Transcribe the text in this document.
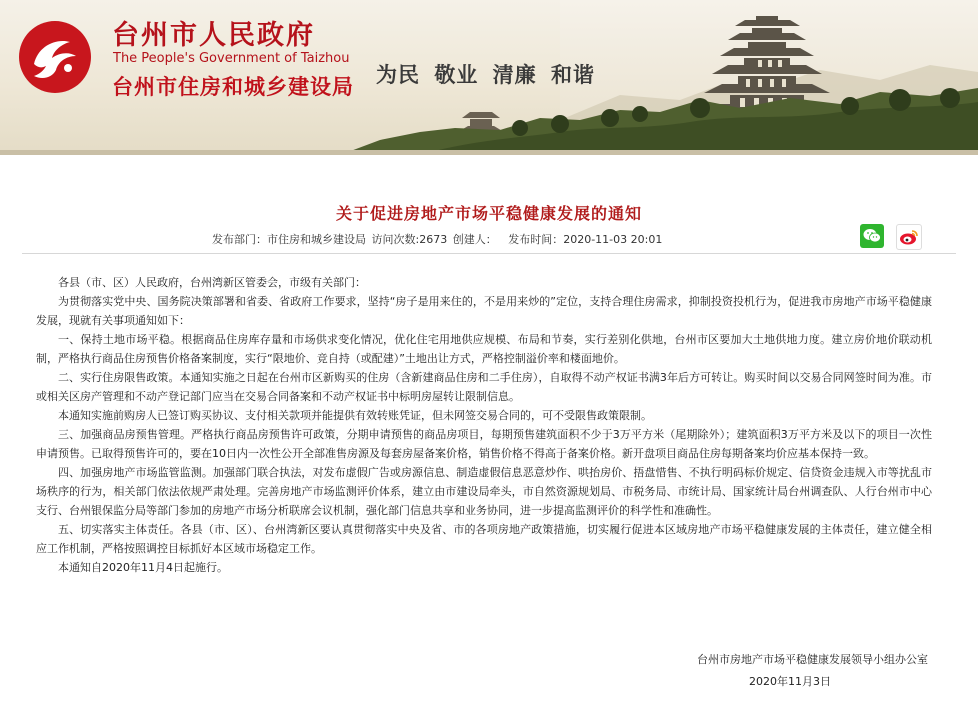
台州市人民政府
The People's Government of Taizhou
台州市住房和城乡建设局 为民 敬业 清廉 和谐
关于促进房地产市场平稳健康发展的通知
发布部门：市住房和城乡建设局 访问次数:2673 创建人： 发布时间：2020-11-03 20:01

各县（市、区）人民政府，台州湾新区管委会，市级有关部门：

为贯彻落实党中央、国务院决策部署和省委、省政府工作要求，坚持“房子是用来住的，不是用来炒的”定位，支持合理住房需求，抑制投资投机行为，促进我市房地产市场平稳健康发展，现就有关事项通知如下：

一、保持土地市场平稳。根据商品住房库存量和市场供求变化情况，优化住宅用地供应规模、布局和节奏，实行差别化供地，台州市区要加大土地供地力度。建立房价地价联动机制，严格执行商品住房预售价格备案制度，实行“限地价、竞自持（或配建）”土地出让方式，严格控制溢价率和楼面地价。

二、实行住房限售政策。本通知实施之日起在台州市区新购买的住房（含新建商品住房和二手住房），自取得不动产权证书满3年后方可转让。购买时间以交易合同网签时间为准。市或相关区房产管理和不动产登记部门应当在交易合同备案和不动产权证书中标明房屋转让限制信息。

本通知实施前购房人已签订购买协议、支付相关款项并能提供有效转账凭证，但未网签交易合同的，可不受限售政策限制。

三、加强商品房预售管理。严格执行商品房预售许可政策，分期申请预售的商品房项目，每期预售建筑面积不少于3万平方米（尾期除外）；建筑面积3万平方米及以下的项目一次性申请预售。已取得预售许可的，要在10日内一次性公开全部准售房源及每套房屋备案价格，销售价格不得高于备案价格。新开盘项目商品住房每期备案均价应基本保持一致。

四、加强房地产市场监管监测。加强部门联合执法，对发布虚假广告或房源信息、制造虚假信息恶意炒作、哄抬房价、捂盘惜售、不执行明码标价规定、信贷资金违规入市等扰乱市场秩序的行为，相关部门依法依规严肃处理。完善房地产市场监测评价体系，建立由市建设局牵头，市自然资源规划局、市税务局、市统计局、国家统计局台州调查队、人行台州市中心支行、台州银保监分局等部门参加的房地产市场分析联席会议机制，强化部门信息共享和业务协同，进一步提高监测评价的科学性和准确性。

五、切实落实主体责任。各县（市、区）、台州湾新区要认真贯彻落实中央及省、市的各项房地产政策措施，切实履行促进本区域房地产市场平稳健康发展的主体责任，建立健全相应工作机制，严格按照调控目标抓好本区域市场稳定工作。

本通知自2020年11月4日起施行。

台州市房地产市场平稳健康发展领导小组办公室
2020年11月3日
